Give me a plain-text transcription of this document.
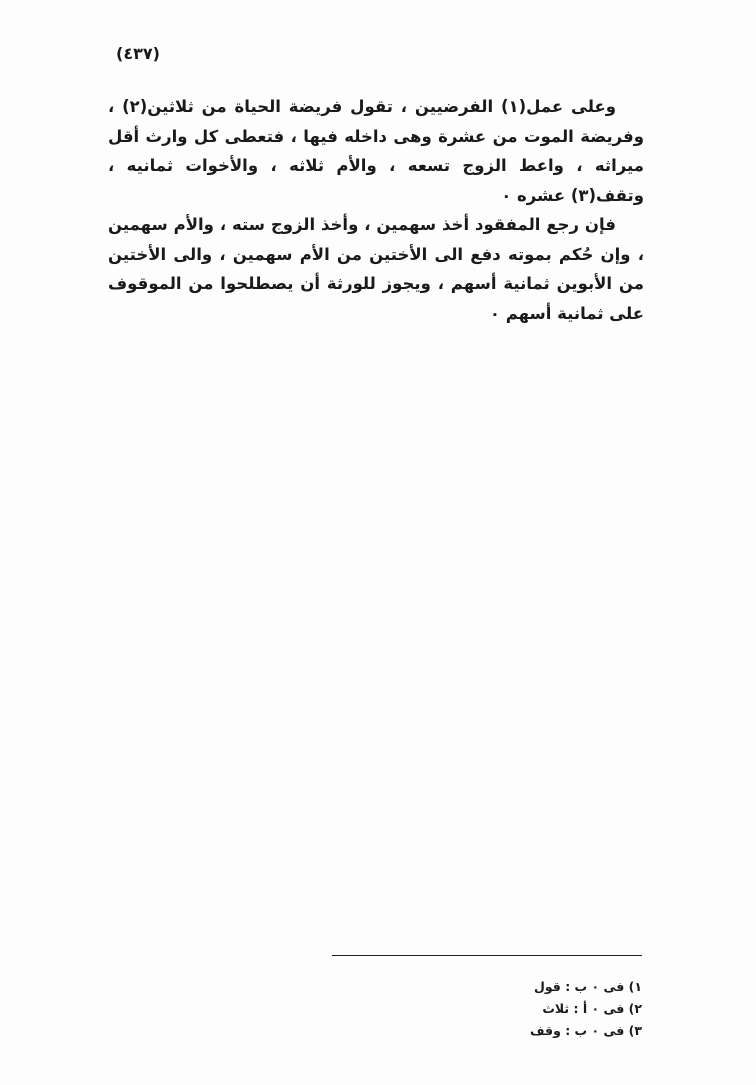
(٤٣٧)

وعلى عمل(١) الفرضيين ، تقول فريضة الحياة من ثلاثين(٢) ، وفريضة الموت من عشرة وهى داخله فيها ، فتعطى كل وارث أقل ميراثه ، واعط الزوج تسعه ، والأم ثلاثه ، والأخوات ثمانيه ، وتقف(٣) عشره ٠

فإن رجع المفقود أخذ سهمين ، وأخذ الزوج سته ، والأم سهمين ، وإن حُكم بموته دفع الى الأختين من الأم سهمين ، والى الأختين من الأبوين ثمانية أسهم ، ويجوز للورثة أن يصطلحوا من الموقوف على ثمانية أسهم ٠

١) فى ٠ ب : قول
٢) فى ٠ أ : ثلاث
٣) فى ٠ ب : وقف
